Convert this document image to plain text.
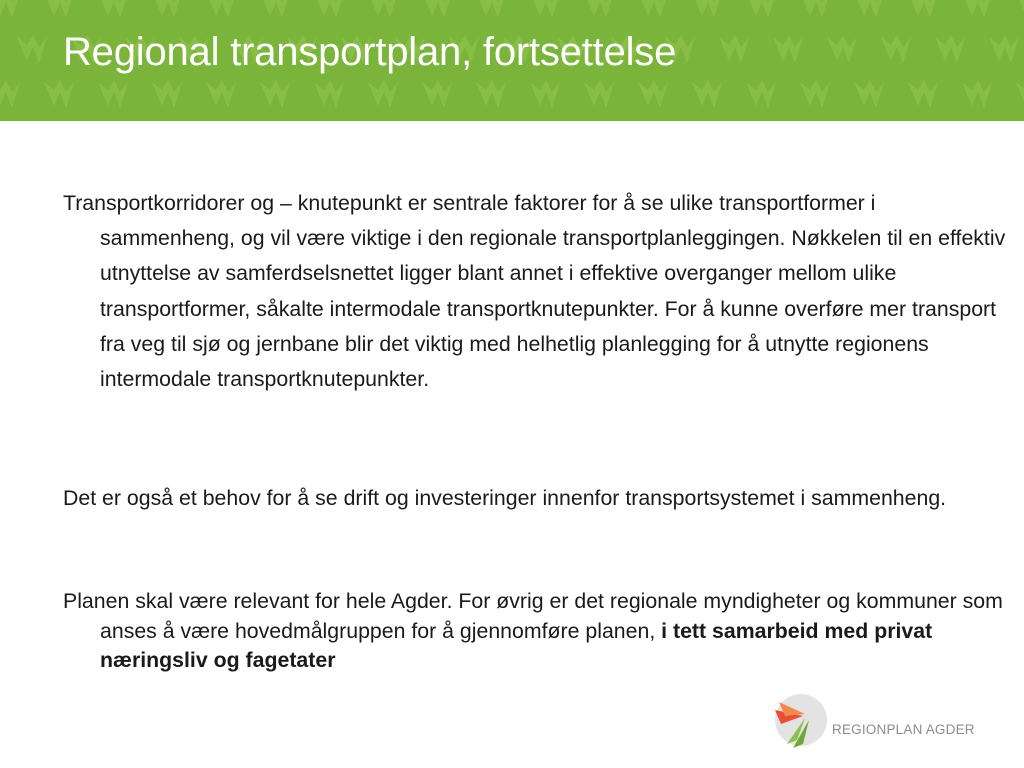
Regional transportplan, fortsettelse

Transportkorridorer og – knutepunkt er sentrale faktorer for å se ulike transportformer i sammenheng, og vil være viktige i den regionale transportplanleggingen. Nøkkelen til en effektiv utnyttelse av samferdselsnettet ligger blant annet i effektive overganger mellom ulike transportformer, såkalte intermodale transportknutepunkter. For å kunne overføre mer transport fra veg til sjø og jernbane blir det viktig med helhetlig planlegging for å utnytte regionens intermodale transportknutepunkter.

Det er også et behov for å se drift og investeringer innenfor transportsystemet i sammenheng.

Planen skal være relevant for hele Agder. For øvrig er det regionale myndigheter og kommuner som anses å være hovedmålgruppen for å gjennomføre planen, i tett samarbeid med privat næringsliv og fagetater

REGIONPLAN AGDER
